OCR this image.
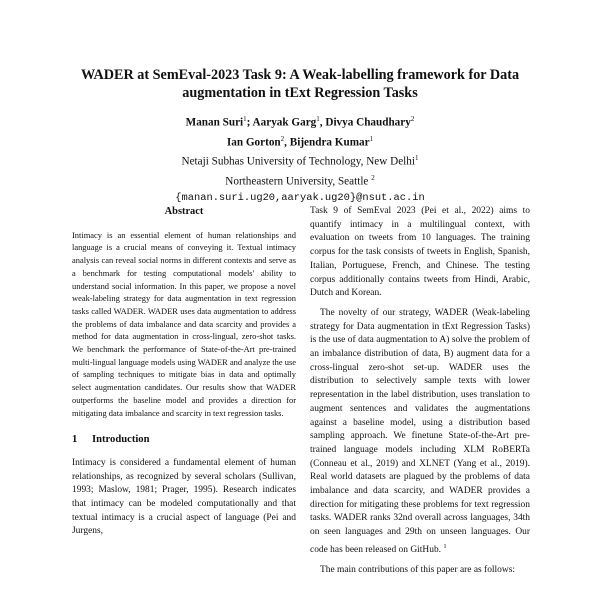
WADER at SemEval-2023 Task 9: A Weak-labelling framework for Data augmentation in tExt Regression Tasks
Manan Suri$^1$; Aaryak Garg$^1$, Divya Chaudhary$^2$
Ian Gorton$^2$, Bijendra Kumar$^1$
Netaji Subhas University of Technology, New Delhi$^1$
Northeastern University, Seattle $^2$
{manan.suri.ug20,aaryak.ug20}@nsut.ac.in
Abstract

Intimacy is an essential element of human relationships and language is a crucial means of conveying it. Textual intimacy analysis can reveal social norms in different contexts and serve as a benchmark for testing computational models' ability to understand social information. In this paper, we propose a novel weak-labeling strategy for data augmentation in text regression tasks called WADER. WADER uses data augmentation to address the problems of data imbalance and data scarcity and provides a method for data augmentation in cross-lingual, zero-shot tasks. We benchmark the performance of State-of-the-Art pre-trained multi-lingual language models using WADER and analyze the use of sampling techniques to mitigate bias in data and optimally select augmentation candidates. Our results show that WADER outperforms the baseline model and provides a direction for mitigating data imbalance and scarcity in text regression tasks.

1 Introduction

Intimacy is considered a fundamental element of human relationships, as recognized by several scholars (Sullivan, 1993; Maslow, 1981; Prager, 1995). Research indicates that intimacy can be modeled computationally and that textual intimacy is a crucial aspect of language (Pei and Jurgens,

Task 9 of SemEval 2023 (Pei et al., 2022) aims to quantify intimacy in a multilingual context, with evaluation on tweets from 10 languages. The training corpus for the task consists of tweets in English, Spanish, Italian, Portuguese, French, and Chinese. The testing corpus additionally contains tweets from Hindi, Arabic, Dutch and Korean.

The novelty of our strategy, WADER (Weak-labeling strategy for Data augmentation in tExt Regression Tasks) is the use of data augmentation to A) solve the problem of an imbalance distribution of data, B) augment data for a cross-lingual zero-shot set-up. WADER uses the distribution to selectively sample texts with lower representation in the label distribution, uses translation to augment sentences and validates the augmentations against a baseline model, using a distribution based sampling approach. We finetune State-of-the-Art pre-trained language models including XLM RoBERTa (Conneau et al., 2019) and XLNET (Yang et al., 2019). Real world datasets are plagued by the problems of data imbalance and data scarcity, and WADER provides a direction for mitigating these problems for text regression tasks. WADER ranks 32nd overall across languages, 34th on seen languages and 29th on unseen languages. Our code has been released on GitHub. $^1$

The main contributions of this paper are as follows:
